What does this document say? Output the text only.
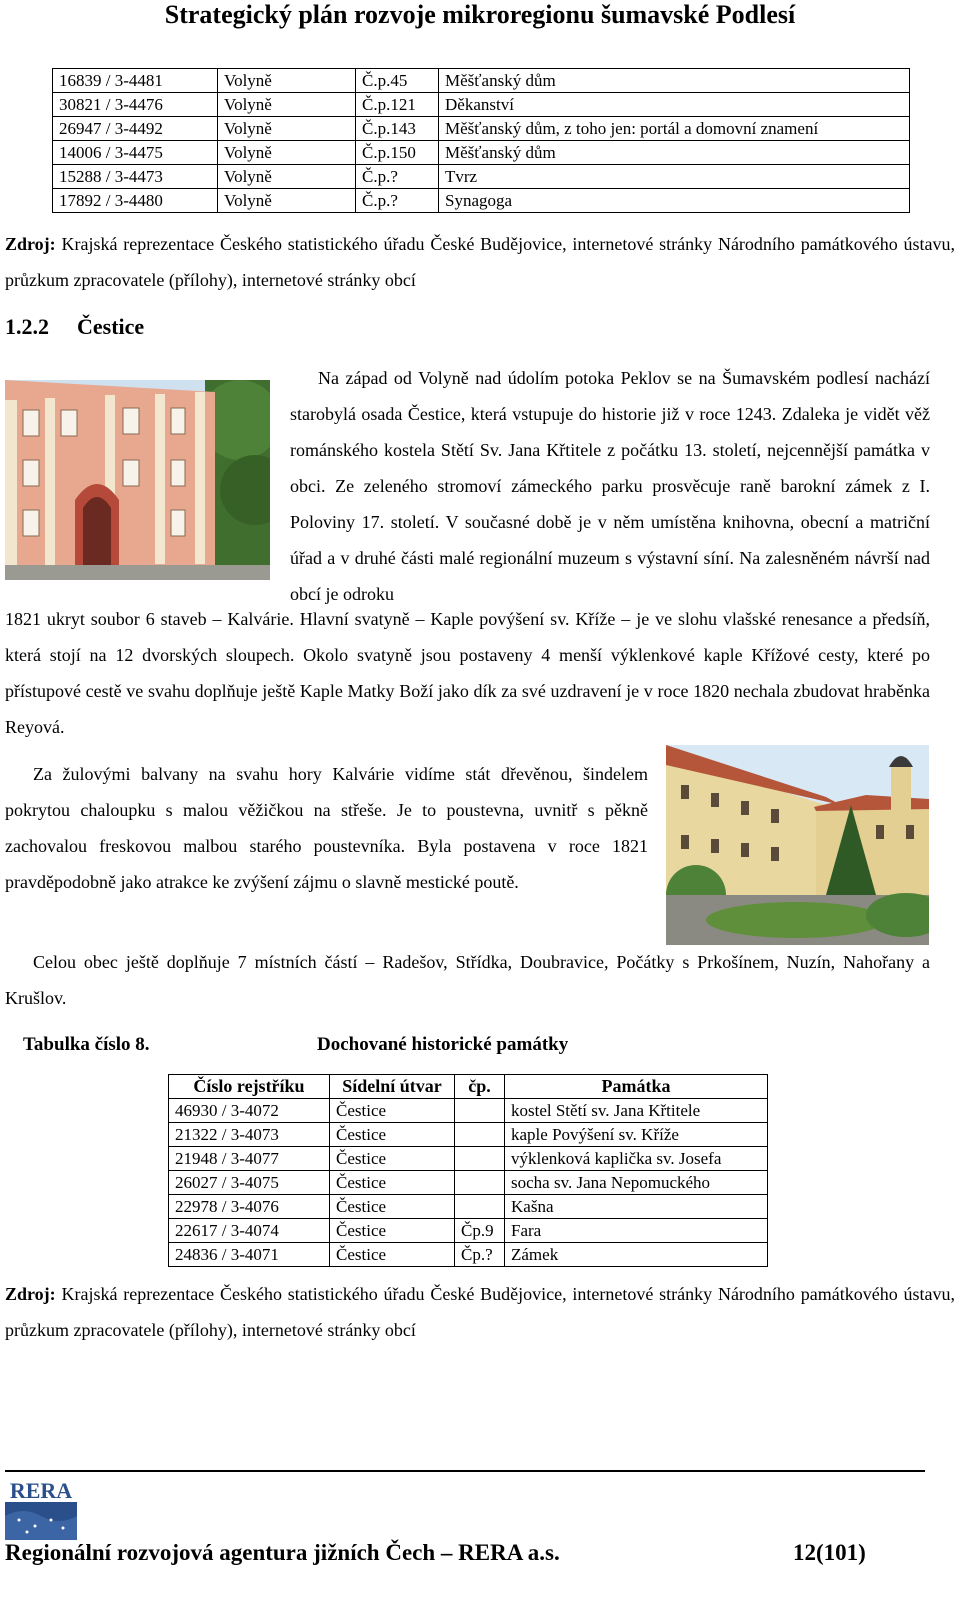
Strategický plán rozvoje mikroregionu šumavské Podlesí
16839 / 3-4481	Volyně	Č.p.45	Měšťanský dům
30821 / 3-4476	Volyně	Č.p.121	Děkanství
26947 / 3-4492	Volyně	Č.p.143	Měšťanský dům, z toho jen: portál a domovní znamení
14006 / 3-4475	Volyně	Č.p.150	Měšťanský dům
15288 / 3-4473	Volyně	Č.p.?	Tvrz
17892 / 3-4480	Volyně	Č.p.?	Synagoga
Zdroj: Krajská reprezentace Českého statistického úřadu České Budějovice, internetové stránky Národního památkového ústavu, průzkum zpracovatele (přílohy), internetové stránky obcí
1.2.2 Čestice
Na západ od Volyně nad údolím potoka Peklov se na Šumavském podlesí nachází starobylá osada Čestice, která vstupuje do historie již v roce 1243. Zdaleka je vidět věž románského kostela Stětí Sv. Jana Křtitele z počátku 13. století, nejcennější památka v obci. Ze zeleného stromoví zámeckého parku prosvěcuje raně barokní zámek z I. Poloviny 17. století. V současné době je v něm umístěna knihovna, obecní a matriční úřad a v druhé části malé regionální muzeum s výstavní síní. Na zalesněném návrší nad obcí je odroku
1821 ukryt soubor 6 staveb – Kalvárie. Hlavní svatyně – Kaple povýšení sv. Kříže – je ve slohu vlašské renesance a předsíň, která stojí na 12 dvorských sloupech. Okolo svatyně jsou postaveny 4 menší výklenkové kaple Křížové cesty, které po přístupové cestě ve svahu doplňuje ještě Kaple Matky Boží jako dík za své uzdravení je v roce 1820 nechala zbudovat hraběnka Reyová.
Za žulovými balvany na svahu hory Kalvárie vidíme stát dřevěnou, šindelem pokrytou chaloupku s malou věžičkou na střeše. Je to poustevna, uvnitř s pěkně zachovalou freskovou malbou starého poustevníka. Byla postavena v roce 1821 pravděpodobně jako atrakce ke zvýšení zájmu o slavně mestické poutě.
Celou obec ještě doplňuje 7 místních částí – Radešov, Střídka, Doubravice, Počátky s Prkošínem, Nuzín, Nahořany a Krušlov.
Tabulka číslo 8.	Dochované historické památky
Číslo rejstříku	Sídelní útvar	čp.	Památka
46930 / 3-4072	Čestice		kostel Stětí sv. Jana Křtitele
21322 / 3-4073	Čestice		kaple Povýšení sv. Kříže
21948 / 3-4077	Čestice		výklenková kaplička sv. Josefa
26027 / 3-4075	Čestice		socha sv. Jana Nepomuckého
22978 / 3-4076	Čestice		Kašna
22617 / 3-4074	Čestice	Čp.9	Fara
24836 / 3-4071	Čestice	Čp.?	Zámek
Zdroj: Krajská reprezentace Českého statistického úřadu České Budějovice, internetové stránky Národního památkového ústavu, průzkum zpracovatele (přílohy), internetové stránky obcí
RERA
Regionální rozvojová agentura jižních Čech – RERA a.s.	12(101)
